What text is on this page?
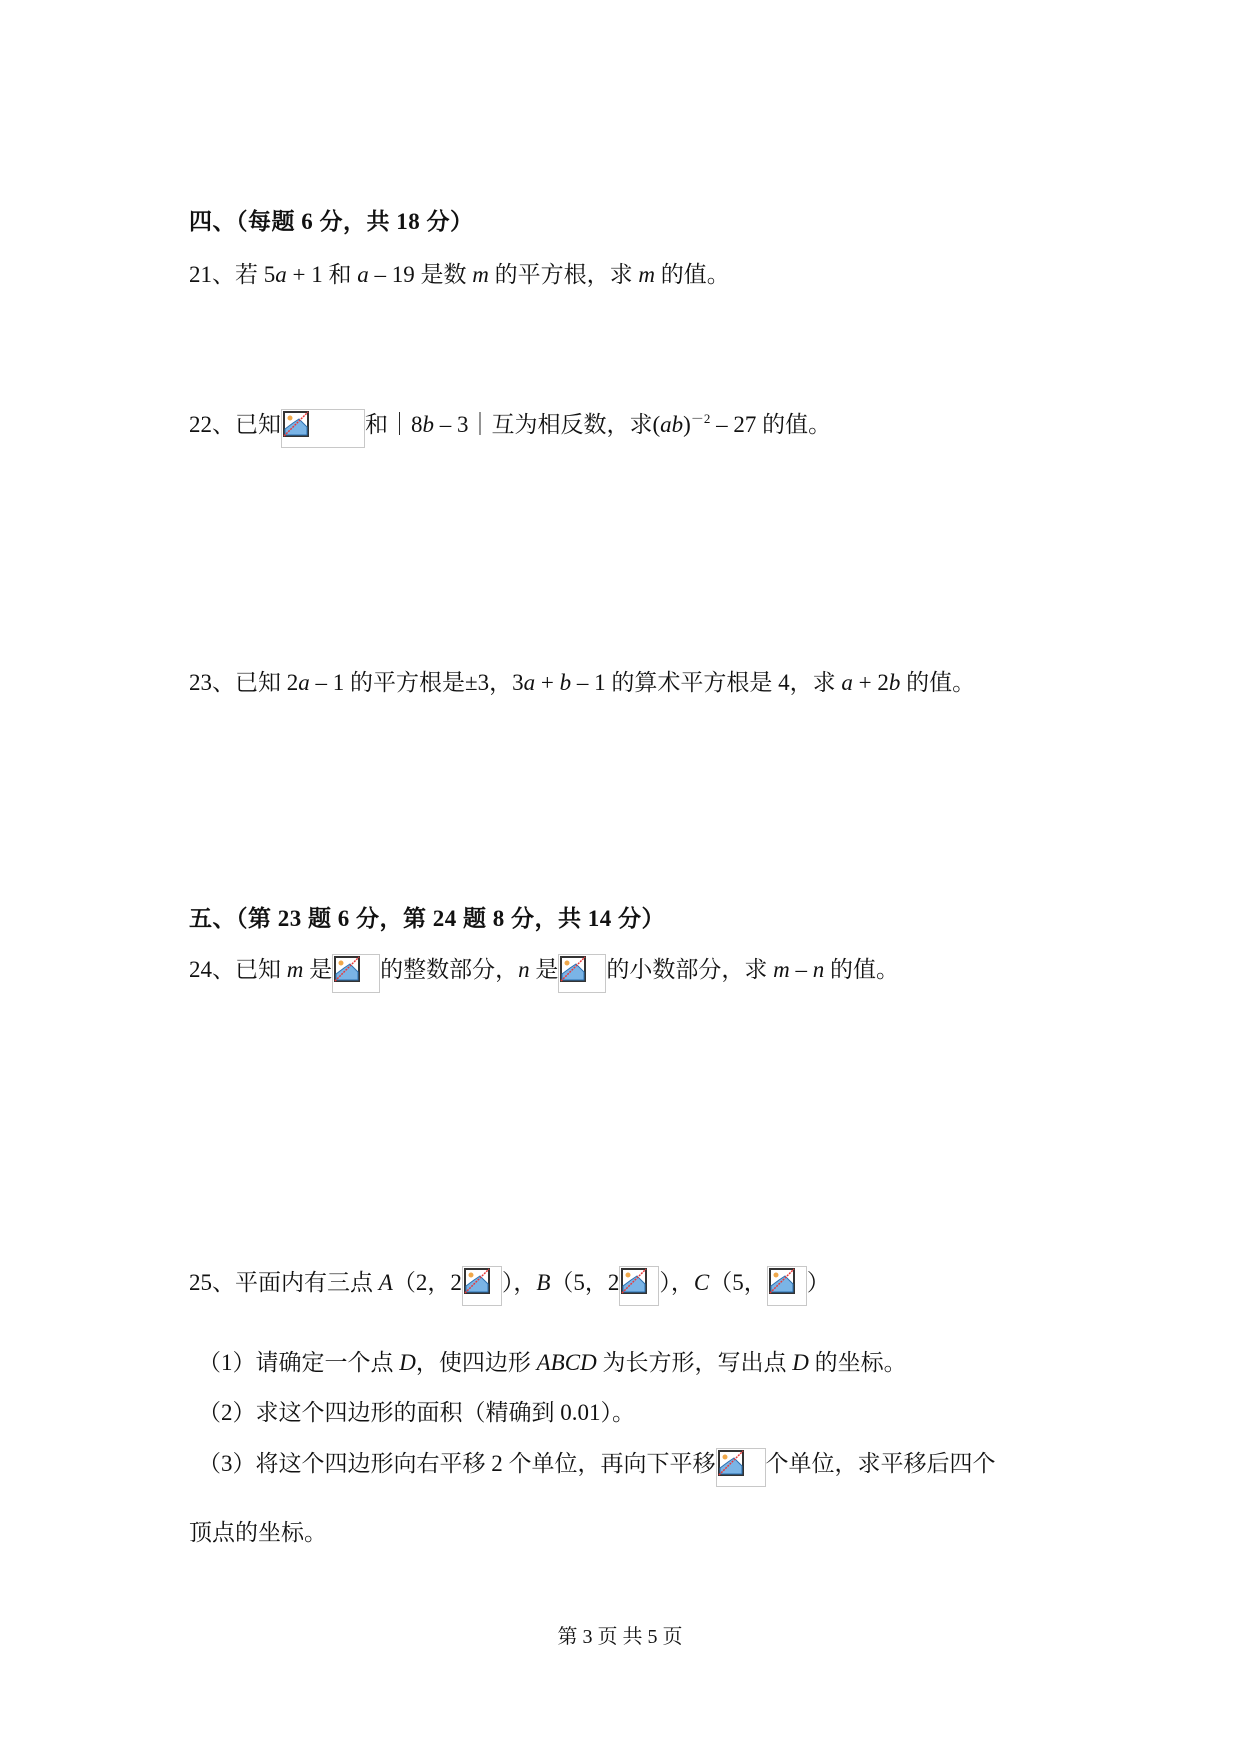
四、（每题 6 分，共 18 分）
21、若 5a + 1 和 a – 19 是数 m 的平方根，求 m 的值。
22、已知	和｜8b – 3｜互为相反数，求(ab)$^{-2}$ – 27 的值。
23、已知 2a – 1 的平方根是±3，3a + b – 1 的算术平方根是 4，求 a + 2b 的值。
五、（第 23 题 6 分，第 24 题 8 分，共 14 分）
24、已知 m 是 的整数部分，n 是 的小数部分，求 m – n 的值。
25、平面内有三点 A（2，2 ），B（5，2 ），C（5， ）
（1）请确定一个点 D，使四边形 ABCD 为长方形，写出点 D 的坐标。
（2）求这个四边形的面积（精确到 0.01）。
（3）将这个四边形向右平移 2 个单位，再向下平移 个单位，求平移后四个
顶点的坐标。
第 3 页 共 5 页
